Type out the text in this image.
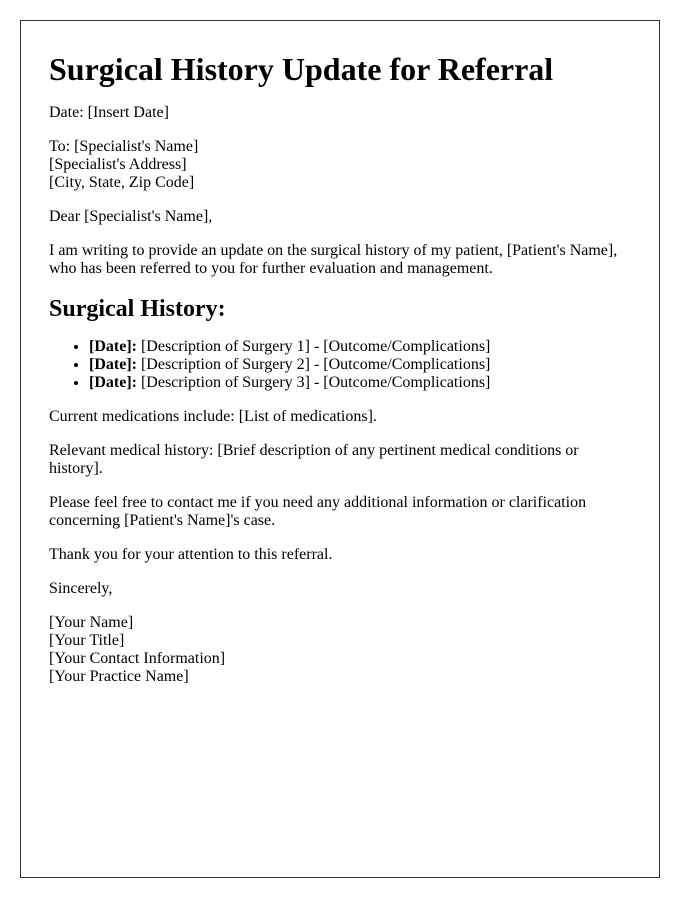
Surgical History Update for Referral

Date: [Insert Date]

To: [Specialist's Name]
[Specialist's Address]
[City, State, Zip Code]

Dear [Specialist's Name],

I am writing to provide an update on the surgical history of my patient, [Patient's Name], who has been referred to you for further evaluation and management.

Surgical History:
• [Date]: [Description of Surgery 1] - [Outcome/Complications]
• [Date]: [Description of Surgery 2] - [Outcome/Complications]
• [Date]: [Description of Surgery 3] - [Outcome/Complications]

Current medications include: [List of medications].

Relevant medical history: [Brief description of any pertinent medical conditions or history].

Please feel free to contact me if you need any additional information or clarification concerning [Patient's Name]'s case.

Thank you for your attention to this referral.

Sincerely,

[Your Name]
[Your Title]
[Your Contact Information]
[Your Practice Name]
